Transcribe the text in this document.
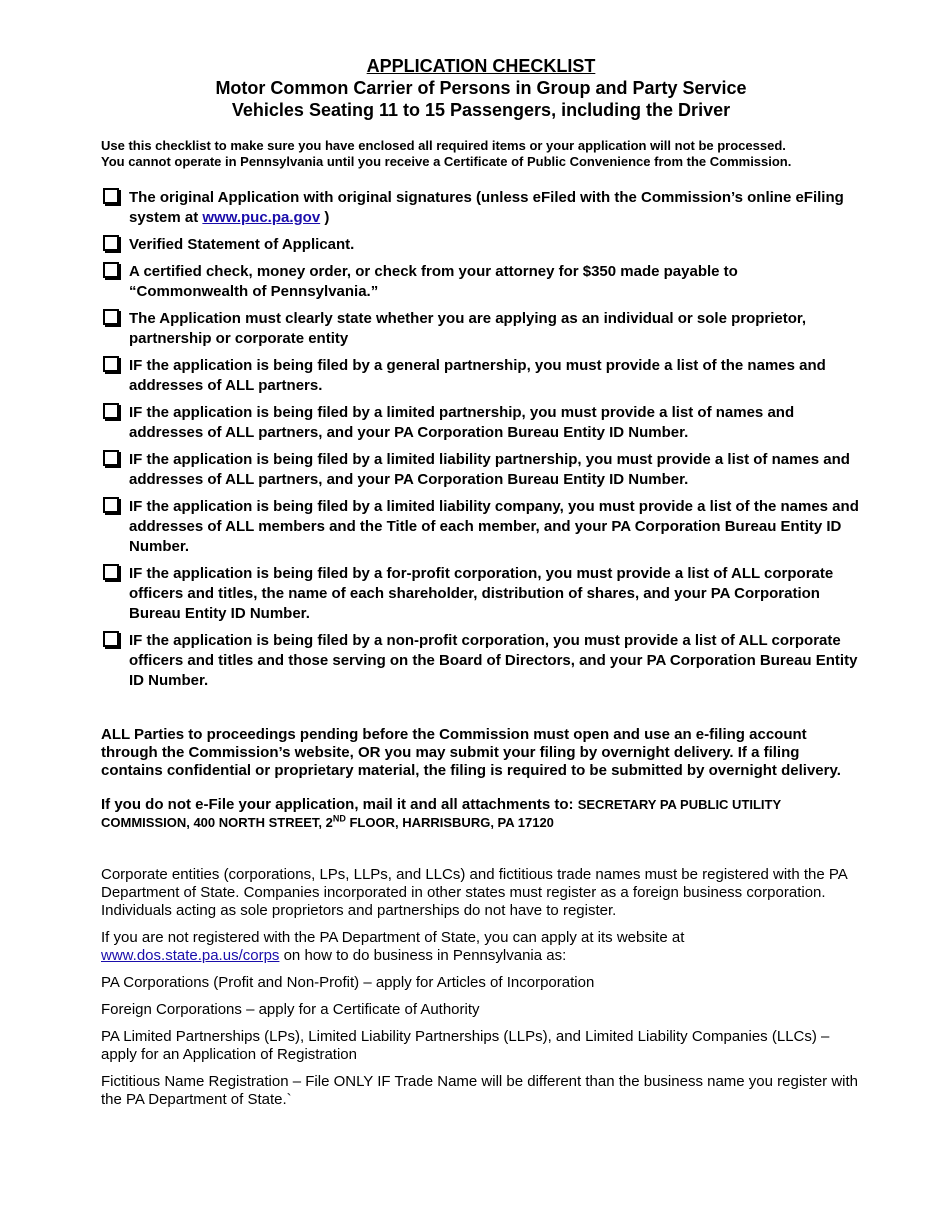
APPLICATION CHECKLIST
Motor Common Carrier of Persons in Group and Party Service
Vehicles Seating 11 to 15 Passengers, including the Driver
Use this checklist to make sure you have enclosed all required items or your application will not be processed.
You cannot operate in Pennsylvania until you receive a Certificate of Public Convenience from the Commission.
The original Application with original signatures (unless eFiled with the Commission’s online eFiling system at www.puc.pa.gov )
Verified Statement of Applicant.
A certified check, money order, or check from your attorney for $350 made payable to “Commonwealth of Pennsylvania.”
The Application must clearly state whether you are applying as an individual or sole proprietor, partnership or corporate entity
IF the application is being filed by a general partnership, you must provide a list of the names and addresses of ALL partners.
IF the application is being filed by a limited partnership, you must provide a list of names and addresses of ALL partners, and your PA Corporation Bureau Entity ID Number.
IF the application is being filed by a limited liability partnership, you must provide a list of names and addresses of ALL partners, and your PA Corporation Bureau Entity ID Number.
IF the application is being filed by a limited liability company, you must provide a list of the names and addresses of ALL members and the Title of each member, and your PA Corporation Bureau Entity ID Number.
IF the application is being filed by a for-profit corporation, you must provide a list of ALL corporate officers and titles, the name of each shareholder, distribution of shares, and your PA Corporation Bureau Entity ID Number.
IF the application is being filed by a non-profit corporation, you must provide a list of ALL corporate officers and titles and those serving on the Board of Directors, and your PA Corporation Bureau Entity ID Number.
ALL Parties to proceedings pending before the Commission must open and use an e-filing account through the Commission’s website, OR you may submit your filing by overnight delivery. If a filing contains confidential or proprietary material, the filing is required to be submitted by overnight delivery.
If you do not e-File your application, mail it and all attachments to: SECRETARY PA PUBLIC UTILITY COMMISSION, 400 NORTH STREET, 2ND FLOOR, HARRISBURG, PA 17120
Corporate entities (corporations, LPs, LLPs, and LLCs) and fictitious trade names must be registered with the PA Department of State. Companies incorporated in other states must register as a foreign business corporation. Individuals acting as sole proprietors and partnerships do not have to register.
If you are not registered with the PA Department of State, you can apply at its website at www.dos.state.pa.us/corps on how to do business in Pennsylvania as:
PA Corporations (Profit and Non-Profit) – apply for Articles of Incorporation
Foreign Corporations – apply for a Certificate of Authority
PA Limited Partnerships (LPs), Limited Liability Partnerships (LLPs), and Limited Liability Companies (LLCs) – apply for an Application of Registration
Fictitious Name Registration – File ONLY IF Trade Name will be different than the business name you register with the PA Department of State.`
